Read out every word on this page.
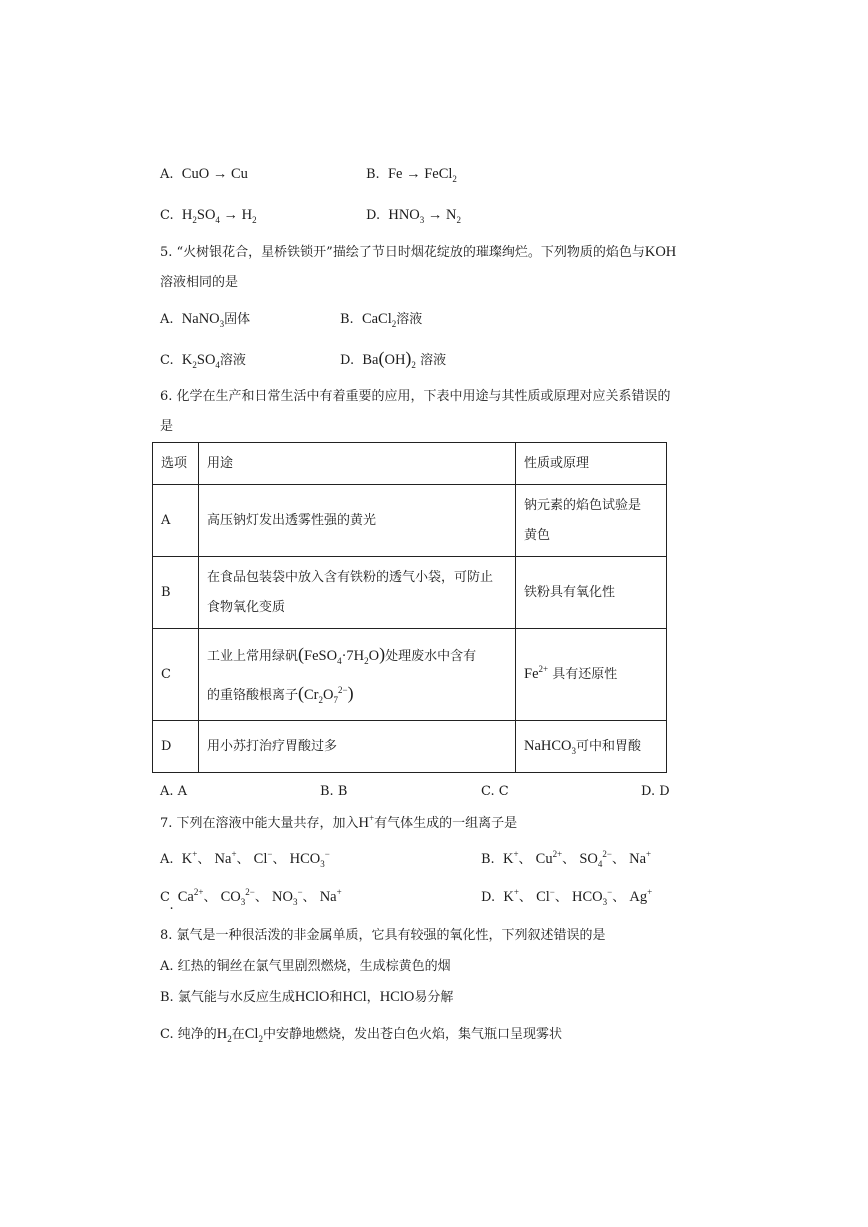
A. CuO → Cu	B. Fe → FeCl$_2$
C. $H_2SO_4 \to H_2$	D. $HNO_3 \to N_2$
5. “火树银花合，星桥铁锁开”描绘了节日时烟花绽放的璀璨绚烂。下列物质的焰色与KOH
溶液相同的是
A. NaNO$_3$固体	B. CaCl$_2$溶液
C. $K_2SO_4$溶液	D. $Ba(OH)_2$ 溶液
6. 化学在生产和日常生活中有着重要的应用，下表中用途与其性质或原理对应关系错误的
是
选项	用途	性质或原理
A	高压钠灯发出透雾性强的黄光	钠元素的焰色试验是
黄色

B	在食品包装袋中放入含有铁粉的透气小袋，可防止
食物氧化变质	铁粉具有氧化性
C	工业上常用绿矾$(FeSO_4\cdot 7H_2O)$处理废水中含有
的重铬酸根离子$(Cr_2O_7^{2-})$	$Fe^{2+}$ 具有还原性
D	用小苏打治疗胃酸过多	NaHCO$_3$可中和胃酸
A. A	B. B	C. C	D. D
7. 下列在溶液中能大量共存，加入H+有气体生成的一组离子是
A. K+、 Na+、 Cl−、 $HCO_3^-$	B. K+、 $Cu^{2+}$、 $SO_4^{2-}$、 Na+
C. $Ca^{2+}$、 $CO_3^{2-}$、 $NO_3^-$、 Na+	D. K+、 Cl−、 $HCO_3^-$、 Ag+
8. 氯气是一种很活泼的非金属单质，它具有较强的氧化性，下列叙述错误的是
A. 红热的铜丝在氯气里剧烈燃烧，生成棕黄色的烟
B. 氯气能与水反应生成HClO和HCl，HClO易分解
C. 纯净的$H_2$在$Cl_2$中安静地燃烧，发出苍白色火焰，集气瓶口呈现雾状
